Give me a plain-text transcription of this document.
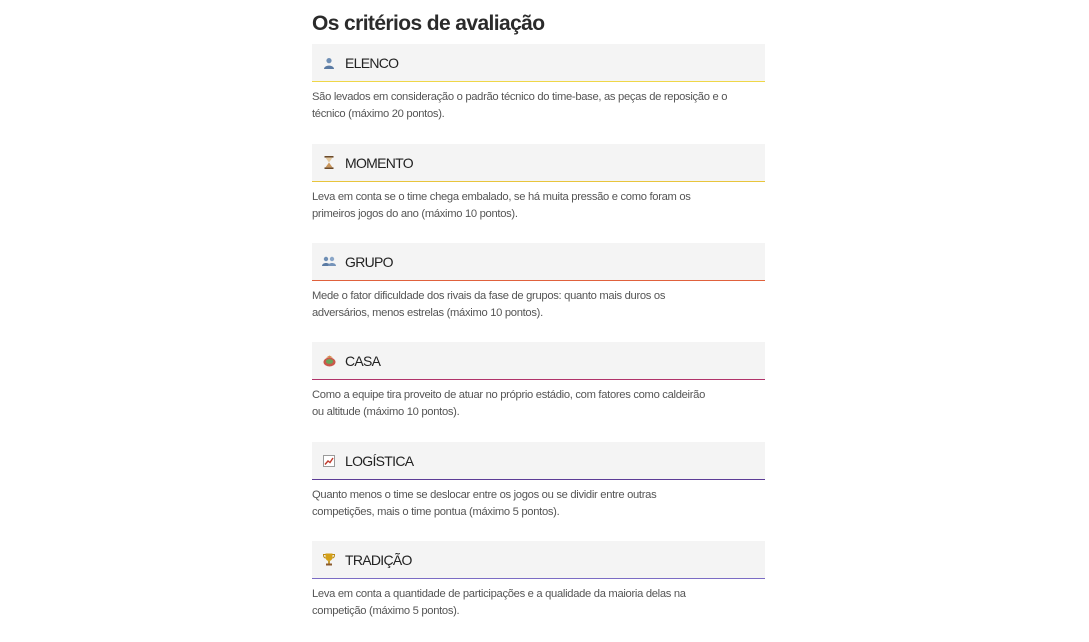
Os critérios de avaliação
ELENCO

São levados em consideração o padrão técnico do time-base, as peças de reposição e o
técnico (máximo 20 pontos).

MOMENTO

Leva em conta se o time chega embalado, se há muita pressão e como foram os
primeiros jogos do ano (máximo 10 pontos).

GRUPO

Mede o fator dificuldade dos rivais da fase de grupos: quanto mais duros os
adversários, menos estrelas (máximo 10 pontos).

CASA

Como a equipe tira proveito de atuar no próprio estádio, com fatores como caldeirão
ou altitude (máximo 10 pontos).

LOGÍSTICA

Quanto menos o time se deslocar entre os jogos ou se dividir entre outras
competições, mais o time pontua (máximo 5 pontos).

TRADIÇÃO

Leva em conta a quantidade de participações e a qualidade da maioria delas na
competição (máximo 5 pontos).
